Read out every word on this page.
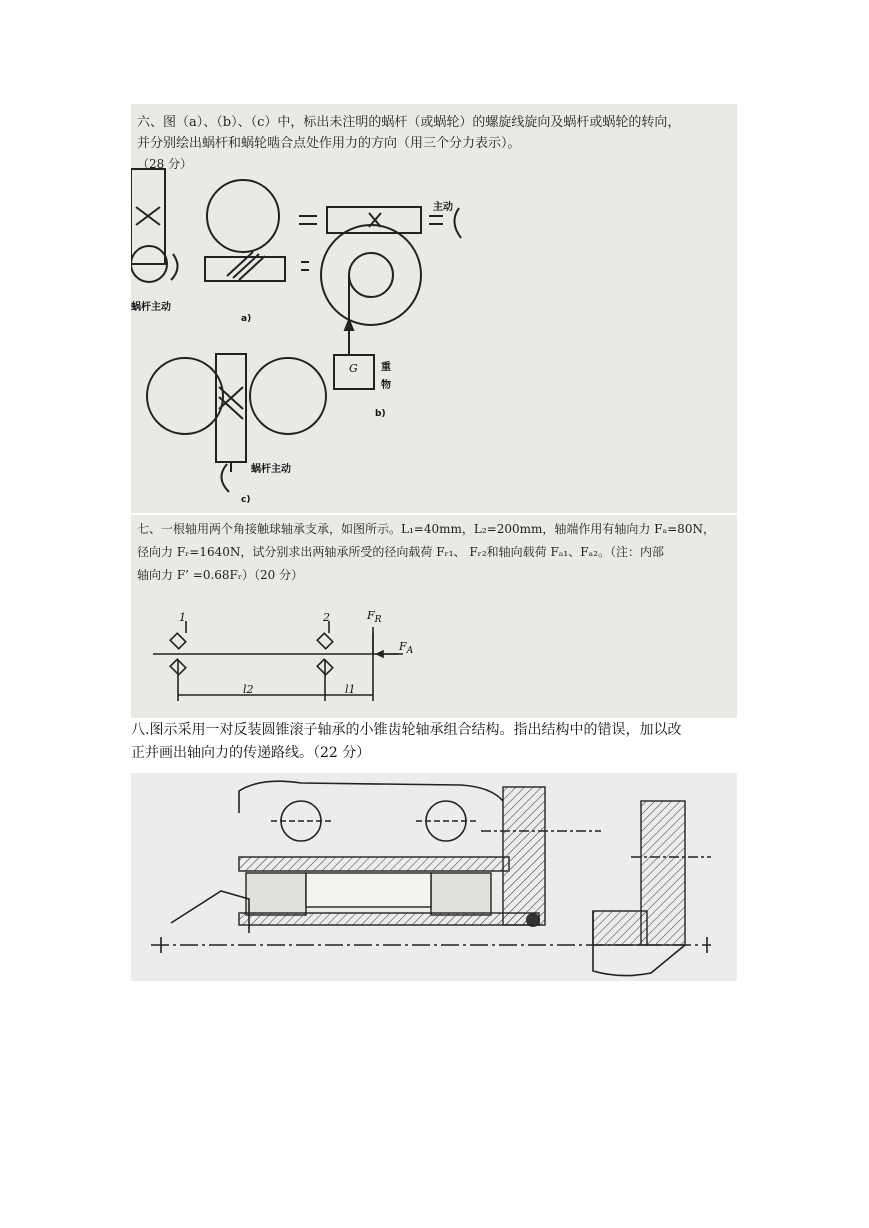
六、图（a）、（b）、（c）中，标出未注明的蜗杆（或蜗轮）的螺旋线旋向及蜗杆或蜗轮的转向，

并分别绘出蜗杆和蜗轮啮合点处作用力的方向（用三个分力表示）。

（28 分）

蜗杆主动
a)
主动
G 重
物
b)
蜗杆主动
c)

七、一根轴用两个角接触球轴承支承，如图所示。L₁=40mm，L₂=200mm，轴端作用有轴向力 Fₐ=80N，

径向力 Fᵣ=1640N，试分别求出两轴承所受的径向载荷 Fᵣ₁、 Fᵣ₂和轴向载荷 Fₐ₁、Fₐ₂。（注：内部

轴向力 F’ =0.68Fᵣ）（20 分）

1	2	$F_R$
$F_A$
l2	l1
八.图示采用一对反装圆锥滚子轴承的小锥齿轮轴承组合结构。指出结构中的错误，加以改
正并画出轴向力的传递路线。（22 分）
